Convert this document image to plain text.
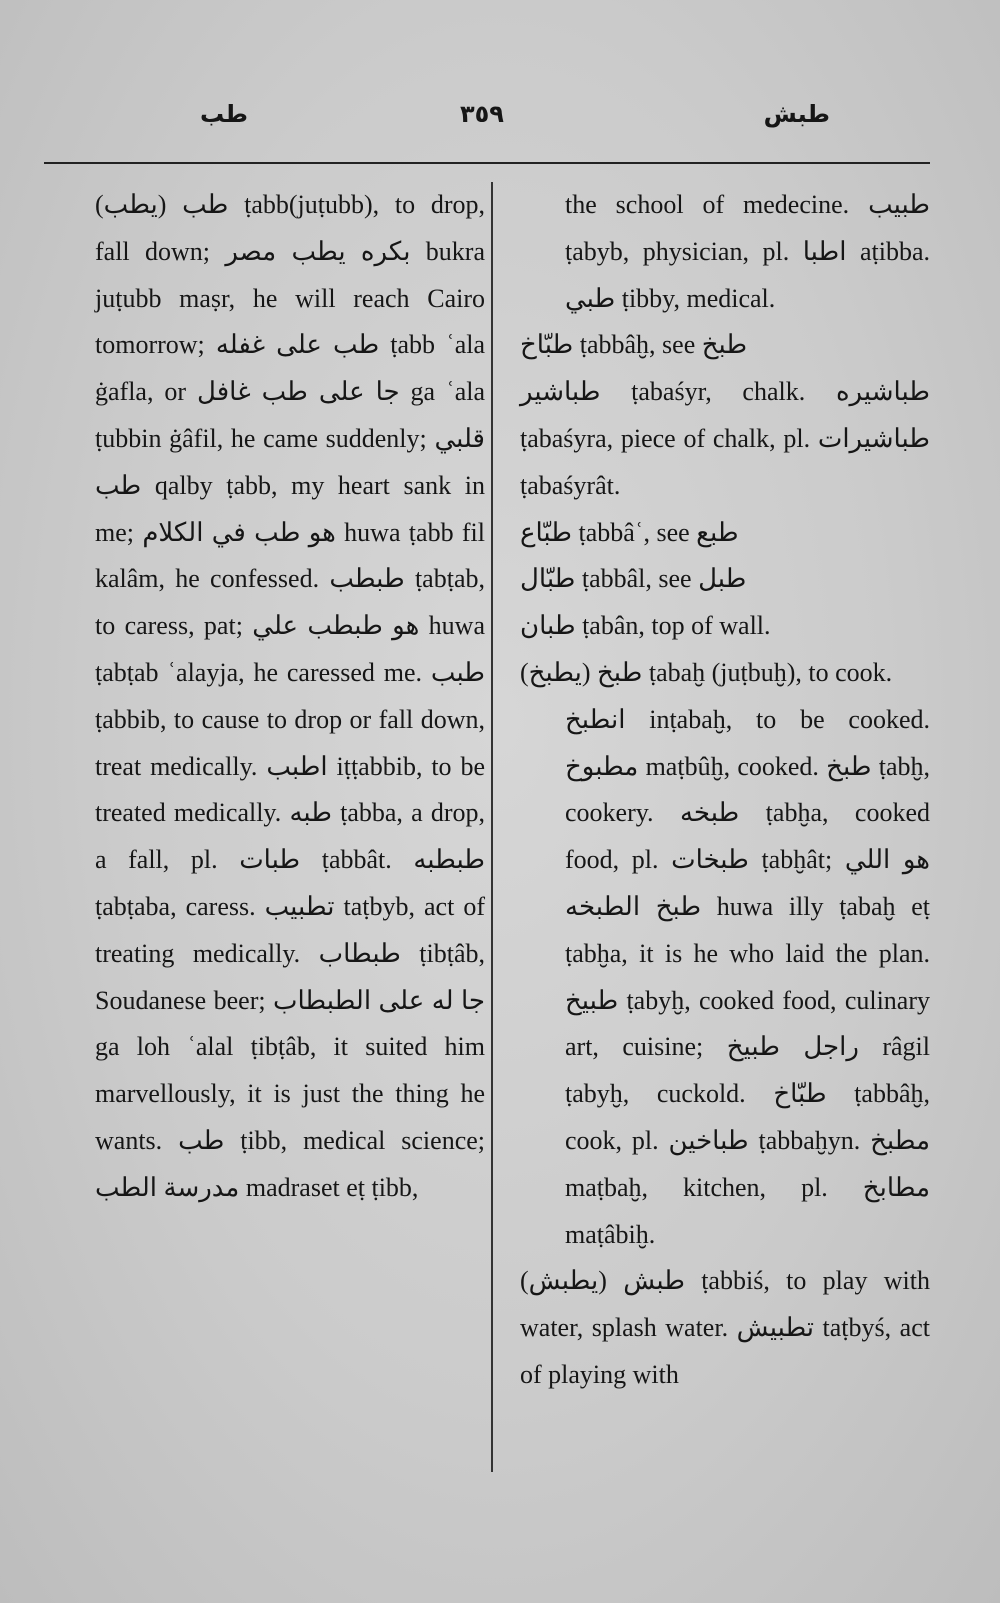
طب	٣٥٩	طبش

طب (يطب) ṭabb(juṭubb), to drop, fall down; بكره يطب مصر bukra juṭubb maṣr, he will reach Cairo tomorrow; طب على غفله ṭabb ʿala ġafla, or جا على طب غافل ga ʿala ṭubbin ġâfil, he came suddenly; قلبي طب qalby ṭabb, my heart sank in me; هو طب في الكلام huwa ṭabb fil kalâm, he confessed. طبطب ṭabṭab, to caress, pat; هو طبطب علي huwa ṭabṭab ʿalayja, he caressed me. طبب ṭabbib, to cause to drop or fall down, treat medically. اطبب iṭṭabbib, to be treated medically. طبه ṭabba, a drop, a fall, pl. طبات ṭabbât. طبطبه ṭabṭaba, caress. تطبيب taṭbyb, act of treating medically. طبطاب ṭibṭâb, Soudanese beer; جا له على الطبطاب ga loh ʿalal ṭibṭâb, it suited him marvellously, it is just the thing he wants. طب ṭibb, medical science; مدرسة الطب madraset eṭ ṭibb,

the school of medecine. طبيب ṭabyb, physician, pl. اطبا aṭibba. طبي ṭibby, medical.

طبّاخ ṭabbâḫ, see طبخ

طباشير ṭabaśyr, chalk. طباشيره ṭabaśyra, piece of chalk, pl. طباشيرات ṭabaśyrât.

طبّاع ṭabbâʿ, see طبع

طبّال ṭabbâl, see طبل

طبان ṭabân, top of wall.

طبخ (يطبخ) ṭabaḫ (juṭbuḫ), to cook.

انطبخ inṭabaḫ, to be cooked. مطبوخ maṭbûḫ, cooked. طبخ ṭabḫ, cookery. طبخه ṭabḫa, cooked food, pl. طبخات ṭabḫât; هو اللي طبخ الطبخه huwa illy ṭabaḫ eṭ ṭabḫa, it is he who laid the plan. طبيخ ṭabyḫ, cooked food, culinary art, cuisine; راجل طبيخ râgil ṭabyḫ, cuckold. طبّاخ ṭabbâḫ, cook, pl. طباخين ṭabbaḫyn. مطبخ maṭbaḫ, kitchen, pl. مطابخ maṭâbiḫ.

طبش (يطبش) ṭabbiś, to play with water, splash water. تطبيش taṭbyś, act of playing with
